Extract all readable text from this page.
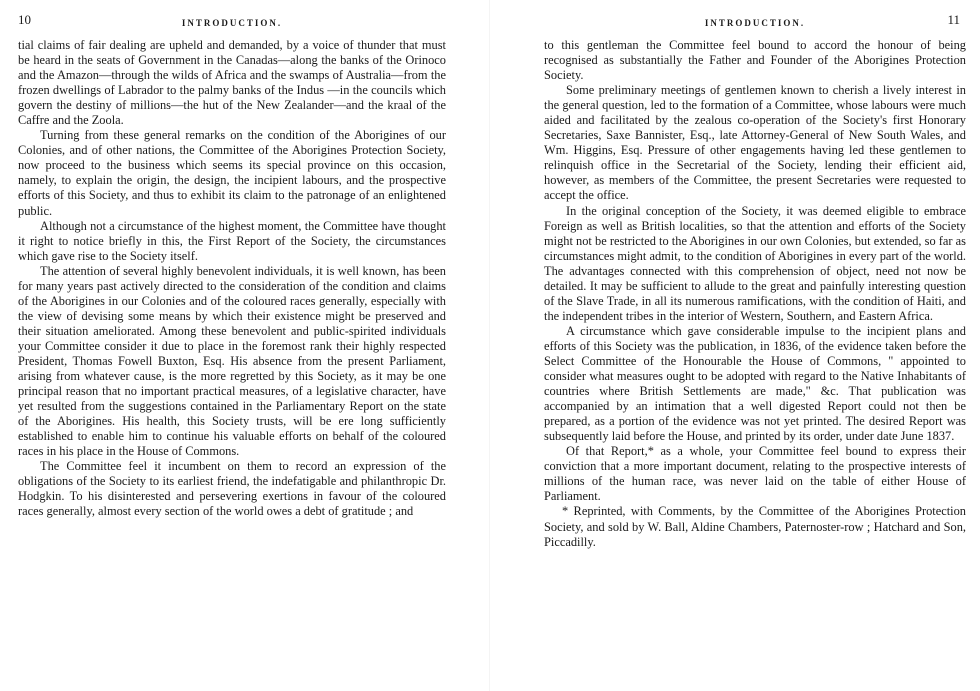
10	INTRODUCTION.

tial claims of fair dealing are upheld and demanded, by a voice of thunder that must be heard in the seats of Government in the Canadas—along the banks of the Orinoco and the Amazon—through the wilds of Africa and the swamps of Australia—from the frozen dwellings of Labrador to the palmy banks of the Indus —in the councils which govern the destiny of millions—the hut of the New Zealander—and the kraal of the Caffre and the Zoola.

Turning from these general remarks on the condition of the Aborigines of our Colonies, and of other nations, the Committee of the Aborigines Protection Society, now proceed to the business which seems its special province on this occasion, namely, to explain the origin, the design, the incipient labours, and the prospective efforts of this Society, and thus to exhibit its claim to the patronage of an enlightened public.

Although not a circumstance of the highest moment, the Committee have thought it right to notice briefly in this, the First Report of the Society, the circumstances which gave rise to the Society itself.

The attention of several highly benevolent individuals, it is well known, has been for many years past actively directed to the consideration of the condition and claims of the Aborigines in our Colonies and of the coloured races generally, especially with the view of devising some means by which their existence might be preserved and their situation ameliorated. Among these benevolent and public-spirited individuals your Committee consider it due to place in the foremost rank their highly respected President, Thomas Fowell Buxton, Esq. His absence from the present Parliament, arising from whatever cause, is the more regretted by this Society, as it may be one principal reason that no important practical measures, of a legislative character, have yet resulted from the suggestions contained in the Parliamentary Report on the state of the Aborigines. His health, this Society trusts, will be ere long sufficiently established to enable him to continue his valuable efforts on behalf of the coloured races in his place in the House of Commons.

The Committee feel it incumbent on them to record an expression of the obligations of the Society to its earliest friend, the indefatigable and philanthropic Dr. Hodgkin. To his disinterested and persevering exertions in favour of the coloured races generally, almost every section of the world owes a debt of gratitude ; and

INTRODUCTION.	11

to this gentleman the Committee feel bound to accord the honour of being recognised as substantially the Father and Founder of the Aborigines Protection Society.

Some preliminary meetings of gentlemen known to cherish a lively interest in the general question, led to the formation of a Committee, whose labours were much aided and facilitated by the zealous co-operation of the Society's first Honorary Secretaries, Saxe Bannister, Esq., late Attorney-General of New South Wales, and Wm. Higgins, Esq. Pressure of other engagements having led these gentlemen to relinquish office in the Secretarial of the Society, lending their efficient aid, however, as members of the Committee, the present Secretaries were requested to accept the office.

In the original conception of the Society, it was deemed eligible to embrace Foreign as well as British localities, so that the attention and efforts of the Society might not be restricted to the Aborigines in our own Colonies, but extended, so far as circumstances might admit, to the condition of Aborigines in every part of the world. The advantages connected with this comprehension of object, need not now be detailed. It may be sufficient to allude to the great and painfully interesting question of the Slave Trade, in all its numerous ramifications, with the condition of Haiti, and the independent tribes in the interior of Western, Southern, and Eastern Africa.

A circumstance which gave considerable impulse to the incipient plans and efforts of this Society was the publication, in 1836, of the evidence taken before the Select Committee of the Honourable the House of Commons, " appointed to consider what measures ought to be adopted with regard to the Native Inhabitants of countries where British Settlements are made," &c. That publication was accompanied by an intimation that a well digested Report could not then be prepared, as a portion of the evidence was not yet printed. The desired Report was subsequently laid before the House, and printed by its order, under date June 1837.

Of that Report,* as a whole, your Committee feel bound to express their conviction that a more important document, relating to the prospective interests of millions of the human race, was never laid on the table of either House of Parliament.

* Reprinted, with Comments, by the Committee of the Aborigines Protection Society, and sold by W. Ball, Aldine Chambers, Paternoster-row ; Hatchard and Son, Piccadilly.
